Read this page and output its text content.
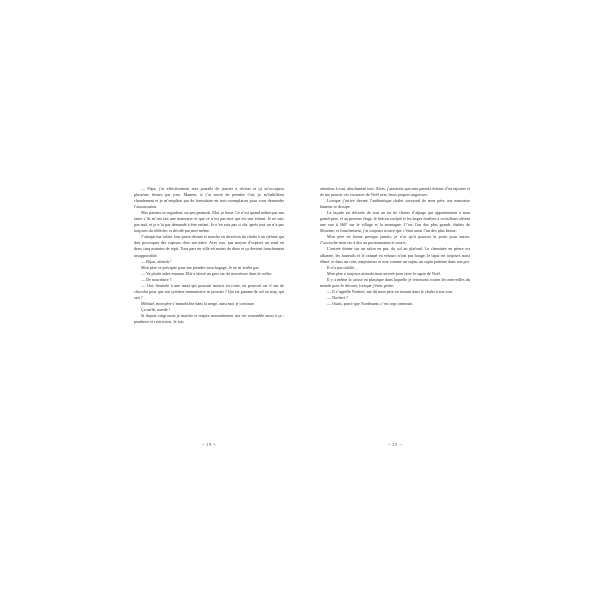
— Papa, j’ai effectivement mes portails de janvier à réviser et ça m’occupera plusieurs heures par jour. Mamen, si j’ai envie de prendre l’air, je m’habillerai chaudement et je m’emplirai par de formulaire en trois exemplaires pour vous demander l’autorisation.

Mes parents se regardent, un peu penauds. Moi, je boue. Ce n’est quand même pas ma faute s’ils m’ont fait une mauvaise et que ce n’est pas moi qui est une enfant. Je ne suis pas mal, et je n’ai pas demandé à être enfant. Je n’en suis pas si sûr, après tout on n’a pas toujours du réfléchir et décidé par moi-même.

J’attrape ma valise, leur passe devant et marche en direction du chalet à un rythme qui doit provoquer des vapeurs chez ma mère. Avec eux, pas moyen d’espérer un seuil en deux cinq minutes de répit. Tous pars en ville en moins de deux et ça devient franchement insupportable.

— Bijou, attends !

Mon père se précipite pour me prendre mon bagage. Je ne m’arrête pas.

— Va plutôt aider maman. Elle a laissé un gros sac de nourriture dans le coffre.

— De nourriture ?

— Oui, destinée à une meal qui pourrait mourir en route, en pourrait car il ont de chocolat pour que ton système immunitaire se pouvait ? Qui est gamme de sol ou trop, qui sait ?

Médusé, mon père s’immobilise dans la neige, ainsi moi je continue.

Ça suffit, merde !

Si depuis vingt mois je marche et respire normalement, ma vie ressemble aussi à ça : prudence et restriction. Je fais

attention à tout, absolument tout. Alors, j’aimerais que mes parents évitent d’en rajouter et de me pourrir ces vacances de Noël avec leurs propres angoisses.

Lorsque j’arrive devant l’authentique chalet savoyard de mon père, ma mauvaise humeur se dissipe.

La façade est décorée de tout un tas de choses d’alpage qui appartenaient à mon grand-père, et au premier étage, le balcon sculpté et les larges fenêtres à croisillons offrent une vue à 360° sur le village et la montagne. C’est l’un des plus grands chalets de Morzine, et franchement, j’ai toujours trouvé que c’était aussi l’un des plus beaux.

Mon père en ferme presque jamais, je n’ai qu’à pousser la porte pour entrer. J’accroche mon sac à dos au portemanteau et souris.

L’entrée donne sur un salon en pin, du sol au plafond. La cheminée en pierre est allumée, les fauteuils et le canapé en velours n’ont pas bougé, le tapis est toujours aussi élimé, et dans un coin, majestueux et tout comme un sapin, un sapin patiente dans son pot.

Il n’a pas oublié…

Mon père a toujours attendu mon arrivée pour faire le sapin de Noël.

Il y a même la caisse en plastique dans laquelle je retrouvais toutes les merveilles du monde pour le décorer, lorsque j’étais petite.

— Il s’appelle Norbert, me dit mon père en entrant dans le chalet à son tour.

— Norbert ?

— Ouais, parce que Nordmann, c’est trop commun.

~ 19 ~	~ 23 ~
